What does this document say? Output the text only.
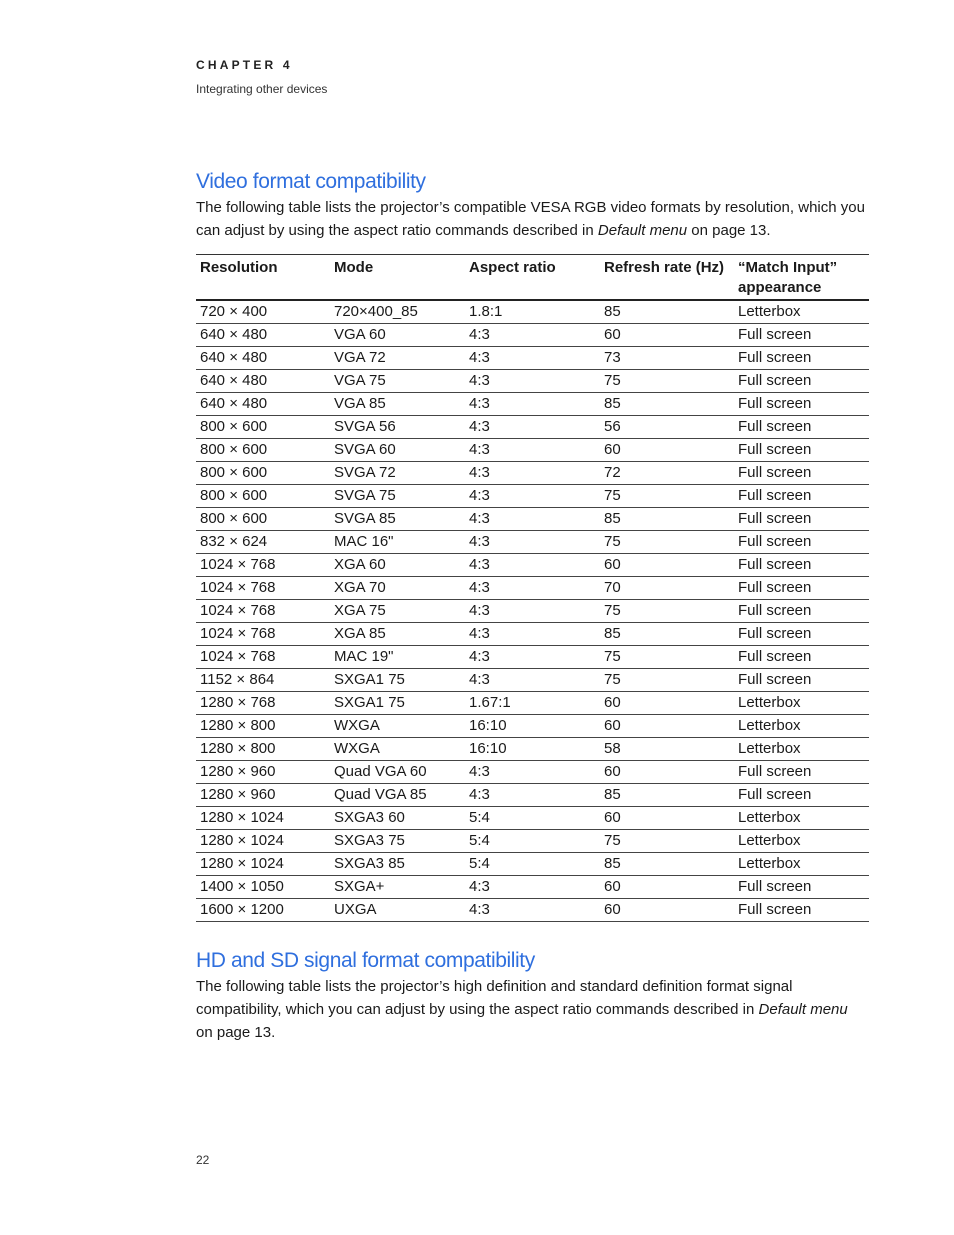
CHAPTER 4
Integrating other devices
Video format compatibility

The following table lists the projector’s compatible VESA RGB video formats by resolution, which you can adjust by using the aspect ratio commands described in Default menu on page 13.

Resolution	Mode	Aspect ratio	Refresh rate (Hz)	“Match Input” appearance
720 × 400	720×400_85	1.8:1	85	Letterbox
640 × 480	VGA 60	4:3	60	Full screen
640 × 480	VGA 72	4:3	73	Full screen
640 × 480	VGA 75	4:3	75	Full screen
640 × 480	VGA 85	4:3	85	Full screen
800 × 600	SVGA 56	4:3	56	Full screen
800 × 600	SVGA 60	4:3	60	Full screen
800 × 600	SVGA 72	4:3	72	Full screen
800 × 600	SVGA 75	4:3	75	Full screen
800 × 600	SVGA 85	4:3	85	Full screen
832 × 624	MAC 16"	4:3	75	Full screen
1024 × 768	XGA 60	4:3	60	Full screen
1024 × 768	XGA 70	4:3	70	Full screen
1024 × 768	XGA 75	4:3	75	Full screen
1024 × 768	XGA 85	4:3	85	Full screen
1024 × 768	MAC 19"	4:3	75	Full screen
1152 × 864	SXGA1 75	4:3	75	Full screen
1280 × 768	SXGA1 75	1.67:1	60	Letterbox
1280 × 800	WXGA	16:10	60	Letterbox
1280 × 800	WXGA	16:10	58	Letterbox
1280 × 960	Quad VGA 60	4:3	60	Full screen
1280 × 960	Quad VGA 85	4:3	85	Full screen
1280 × 1024	SXGA3 60	5:4	60	Letterbox
1280 × 1024	SXGA3 75	5:4	75	Letterbox
1280 × 1024	SXGA3 85	5:4	85	Letterbox
1400 × 1050	SXGA+	4:3	60	Full screen
1600 × 1200	UXGA	4:3	60	Full screen
HD and SD signal format compatibility

The following table lists the projector’s high definition and standard definition format signal compatibility, which you can adjust by using the aspect ratio commands described in Default menu on page 13.

22
